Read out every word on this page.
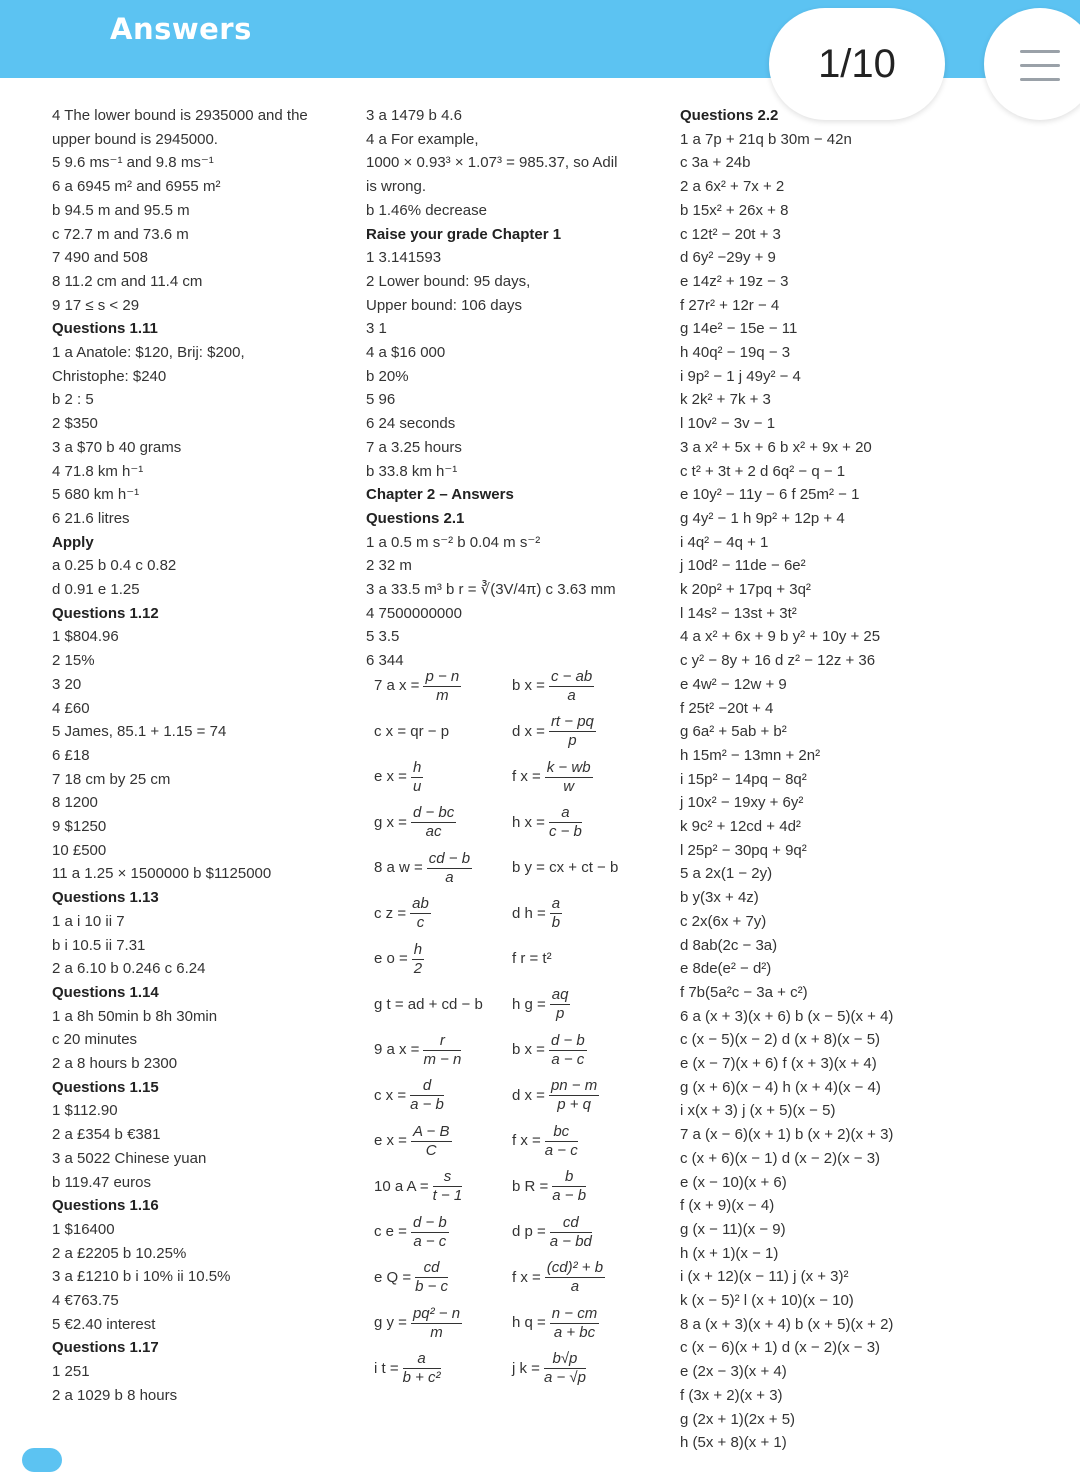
Answers
1/10
4 The lower bound is 2935000 and the
upper bound is 2945000.
5 9.6 ms⁻¹ and 9.8 ms⁻¹
6 a 6945 m² and 6955 m²
b 94.5 m and 95.5 m
c 72.7 m and 73.6 m
7 490 and 508
8 11.2 cm and 11.4 cm
9 17 ≤ s < 29
Questions 1.11
1 a Anatole: $120, Brij: $200,
Christophe: $240
b 2 : 5
2 $350
3 a $70 b 40 grams
4 71.8 km h⁻¹
5 680 km h⁻¹
6 21.6 litres
Apply
a 0.25 b 0.4 c 0.82
d 0.91 e 1.25
Questions 1.12
1 $804.96
2 15%
3 20
4 £60
5 James, 85.1 + 1.15 = 74
6 £18
7 18 cm by 25 cm
8 1200
9 $1250
10 £500
11 a 1.25 × 1500000 b $1125000
Questions 1.13
1 a i 10 ii 7
b i 10.5 ii 7.31
2 a 6.10 b 0.246 c 6.24
Questions 1.14
1 a 8h 50min b 8h 30min
c 20 minutes
2 a 8 hours b 2300
Questions 1.15
1 $112.90
2 a £354 b €381
3 a 5022 Chinese yuan
b 119.47 euros
Questions 1.16
1 $16400
2 a £2205 b 10.25%
3 a £1210 b i 10% ii 10.5%
4 €763.75
5 €2.40 interest
Questions 1.17
1 251
2 a 1029 b 8 hours
3 a 1479 b 4.6
4 a For example,
1000 × 0.93³ × 1.07³ = 985.37, so Adil
is wrong.
b 1.46% decrease
Raise your grade Chapter 1
1 3.141593
2 Lower bound: 95 days,
Upper bound: 106 days
3 1
4 a $16 000
b 20%
5 96
6 24 seconds
7 a 3.25 hours
b 33.8 km h⁻¹
Chapter 2 – Answers
Questions 2.1
1 a 0.5 m s⁻² b 0.04 m s⁻²
2 32 m
3 a 33.5 m³ b r = ∛(3V/4π) c 3.63 mm
4 7500000000
5 3.5
6 344
7 a $x = \frac{p - n}{m}$	b $x = \frac{c - ab}{a}$
c x = qr − p	d $x = \frac{rt - pq}{p}$
e $x = \frac{h}{u}$	f $x = \frac{k - wb}{w}$
g $x = \frac{d - bc}{ac}$	h $x = \frac{a}{c - b}$
8 a $w = \frac{cd - b}{a}$	b y = cx + ct − b
c $z = \frac{ab}{c}$	d $h = \frac{a}{b}$
e $o = \frac{h}{2}$	f r = t²
g t = ad + cd − b h $g = \frac{aq}{p}$
9 a $x = \frac{r}{m - n}$	b $x = \frac{d - b}{a - c}$
c $x = \frac{d}{a - b}$	d $x = \frac{pn - m}{p + q}$
e $x = \frac{A - B}{C}$	f $x = \frac{bc}{a - c}$
10 a $A = \frac{s}{t - 1}$	b $R = \frac{b}{a - b}$
c $e = \frac{d - b}{a - c}$	d $p = \frac{cd}{a - bd}$
e $Q = \frac{cd}{b - c}$	f $x = \frac{\text{(cd)² + b}}{a}$
g $y = \frac{\text{pq² − n}}{m}$	h $q = \frac{n - cm}{a + bc}$
i $t = \frac{a}{\text{b + c²}}$	j $k = \frac{b√p}{a - √p}$
Questions 2.2
1 a 7p + 21q b 30m − 42n
c 3a + 24b
2 a 6x² + 7x + 2
b 15x² + 26x + 8
c 12t² − 20t + 3
d 6y² −29y + 9
e 14z² + 19z − 3
f 27r² + 12r − 4
g 14e² − 15e − 11
h 40q² − 19q − 3
i 9p² − 1 j 49y² − 4
k 2k² + 7k + 3
l 10v² − 3v − 1
3 a x² + 5x + 6 b x² + 9x + 20
c t² + 3t + 2 d 6q² − q − 1
e 10y² − 11y − 6 f 25m² − 1
g 4y² − 1 h 9p² + 12p + 4
i 4q² − 4q + 1
j 10d² − 11de − 6e²
k 20p² + 17pq + 3q²
l 14s² − 13st + 3t²
4 a x² + 6x + 9 b y² + 10y + 25
c y² − 8y + 16 d z² − 12z + 36
e 4w² − 12w + 9
f 25t² −20t + 4
g 6a² + 5ab + b²
h 15m² − 13mn + 2n²
i 15p² − 14pq − 8q²
j 10x² − 19xy + 6y²
k 9c² + 12cd + 4d²
l 25p² − 30pq + 9q²
5 a 2x(1 − 2y)
b y(3x + 4z)
c 2x(6x + 7y)
d 8ab(2c − 3a)
e 8de(e² − d²)
f 7b(5a²c − 3a + c²)
6 a (x + 3)(x + 6) b (x − 5)(x + 4)
c (x − 5)(x − 2) d (x + 8)(x − 5)
e (x − 7)(x + 6) f (x + 3)(x + 4)
g (x + 6)(x − 4) h (x + 4)(x − 4)
i x(x + 3) j (x + 5)(x − 5)
7 a (x − 6)(x + 1) b (x + 2)(x + 3)
c (x + 6)(x − 1) d (x − 2)(x − 3)
e (x − 10)(x + 6)
f (x + 9)(x − 4)
g (x − 11)(x − 9)
h (x + 1)(x − 1)
i (x + 12)(x − 11) j (x + 3)²
k (x − 5)² l (x + 10)(x − 10)
8 a (x + 3)(x + 4) b (x + 5)(x + 2)
c (x − 6)(x + 1) d (x − 2)(x − 3)
e (2x − 3)(x + 4)
f (3x + 2)(x + 3)
g (2x + 1)(2x + 5)
h (5x + 8)(x + 1)
